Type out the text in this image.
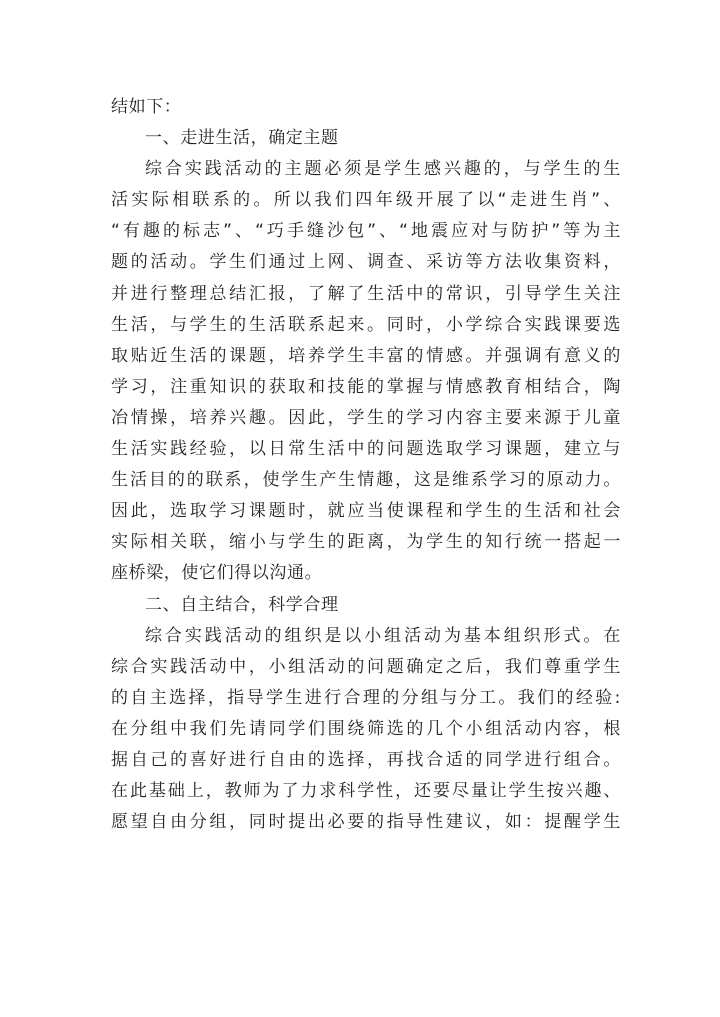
结如下：
一、走进生活，确定主题
综合实践活动的主题必须是学生感兴趣的，与学生的生
活实际相联系的。所以我们四年级开展了以“走进生肖”、
“有趣的标志”、“巧手缝沙包”、“地震应对与防护”等为主
题的活动。学生们通过上网、调查、采访等方法收集资料，
并进行整理总结汇报，了解了生活中的常识，引导学生关注
生活，与学生的生活联系起来。同时，小学综合实践课要选
取贴近生活的课题，培养学生丰富的情感。并强调有意义的
学习，注重知识的获取和技能的掌握与情感教育相结合，陶
冶情操，培养兴趣。因此，学生的学习内容主要来源于儿童
生活实践经验，以日常生活中的问题选取学习课题，建立与
生活目的的联系，使学生产生情趣，这是维系学习的原动力。
因此，选取学习课题时，就应当使课程和学生的生活和社会
实际相关联，缩小与学生的距离，为学生的知行统一搭起一
座桥梁，使它们得以沟通。
二、自主结合，科学合理
综合实践活动的组织是以小组活动为基本组织形式。在
综合实践活动中，小组活动的问题确定之后，我们尊重学生
的自主选择，指导学生进行合理的分组与分工。我们的经验:
在分组中我们先请同学们围绕筛选的几个小组活动内容，根
据自己的喜好进行自由的选择，再找合适的同学进行组合。
在此基础上，教师为了力求科学性，还要尽量让学生按兴趣、
愿望自由分组，同时提出必要的指导性建议，如：提醒学生
